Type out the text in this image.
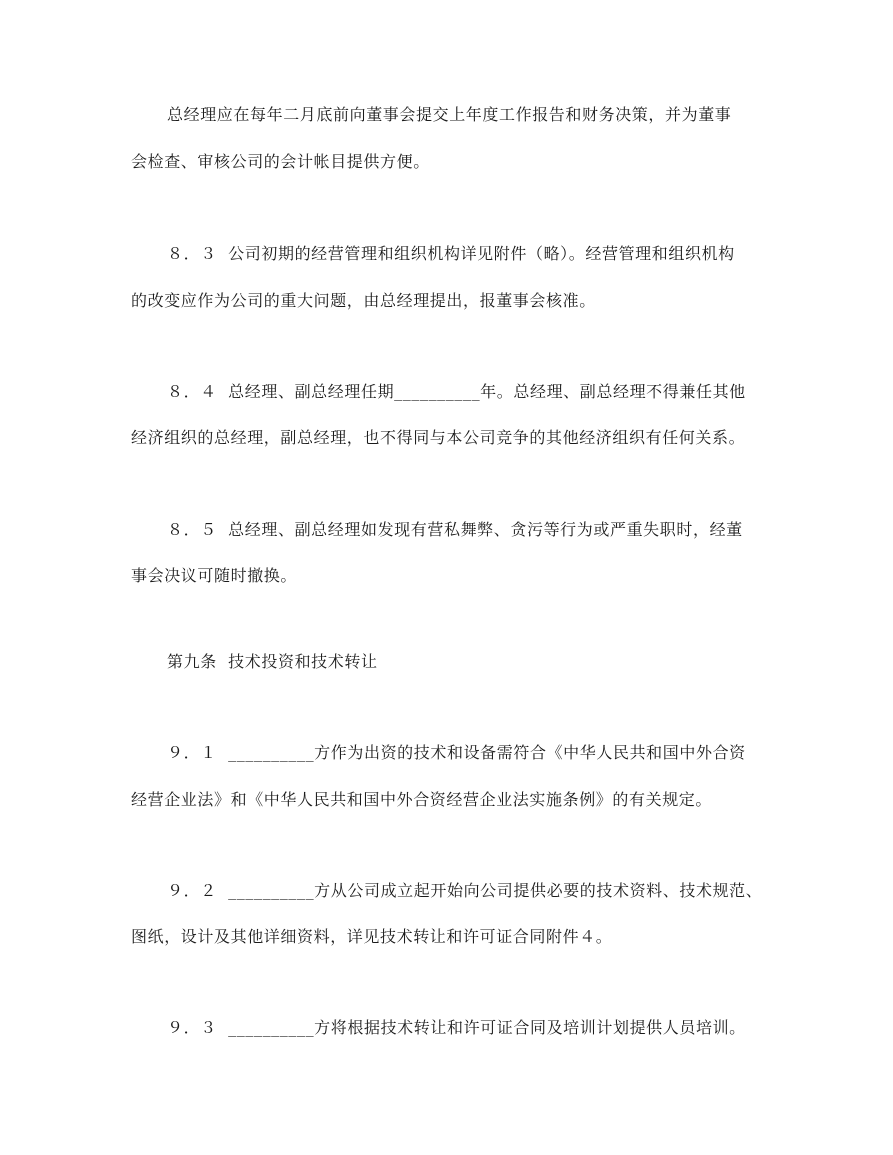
总经理应在每年二月底前向董事会提交上年度工作报告和财务决策，并为董事
会检查、审核公司的会计帐目提供方便。
８．３  公司初期的经营管理和组织机构详见附件（略）。经营管理和组织机构
的改变应作为公司的重大问题，由总经理提出，报董事会核准。
８．４  总经理、副总经理任期__________年。总经理、副总经理不得兼任其他
经济组织的总经理，副总经理，也不得同与本公司竞争的其他经济组织有任何关系。
８．５  总经理、副总经理如发现有营私舞弊、贪污等行为或严重失职时，经董
事会决议可随时撤换。
第九条  技术投资和技术转让
９．１  __________方作为出资的技术和设备需符合《中华人民共和国中外合资
经营企业法》和《中华人民共和国中外合资经营企业法实施条例》的有关规定。
９．２  __________方从公司成立起开始向公司提供必要的技术资料、技术规范、
图纸，设计及其他详细资料，详见技术转让和许可证合同附件４。
９．３  __________方将根据技术转让和许可证合同及培训计划提供人员培训。
